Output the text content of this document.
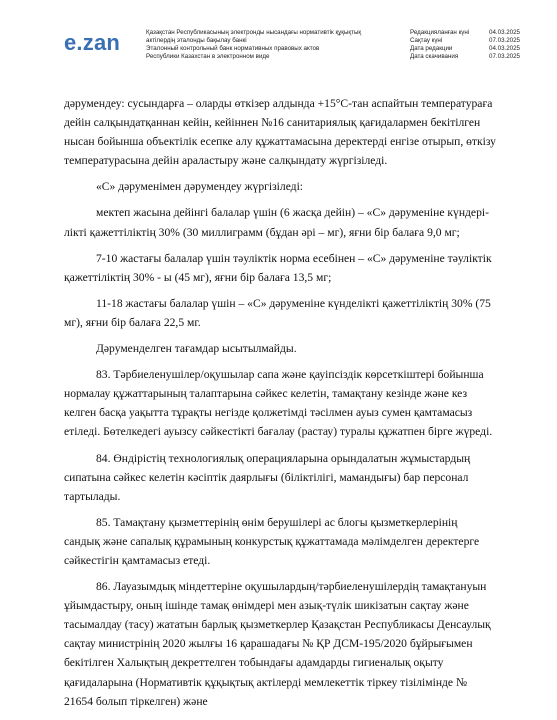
e.zan	Қазақстан Республикасының электронды нысандағы нормативтік құқықтық
актілердің эталонды бақылау банкі
Эталонный контрольный банк нормативных правовых актов
Республики Казахстан в электронном виде
Редакцияланған күні	04.03.2025
Сақтау күні	07.03.2025
Дата редакции	04.03.2025
Дата скачивания	07.03.2025

дәрумендеу: сусындарға – оларды өткізер алдында +15°С-тан аспайтын температураға дейін салқындатқаннан кейін, кейіннен №16 санитариялық қағидалармен бекітілген нысан бойынша объектілік есепке алу құжаттамасына деректерді енгізе отырып, өткізу температурасына дейін араластыру және салқындату жүргізіледі.

«С» дәруменімен дәрумендеу жүргізіледі:

мектеп жасына дейінгі балалар үшін (6 жасқа дейін) – «С» дәруменіне күндерілікті қажеттіліктің 30% (30 миллиграмм (бұдан әрі – мг), яғни бір балаға 9,0 мг;

7-10 жастағы балалар үшін тәуліктік норма есебінен – «С» дәруменіне тәуліктік қажеттіліктің 30% - ы (45 мг), яғни бір балаға 13,5 мг;

11-18 жастағы балалар үшін – «С» дәруменіне күнделікті қажеттіліктің 30% (75 мг), яғни бір балаға 22,5 мг.

Дәруменделген тағамдар ысытылмайды.

83. Тәрбиеленушілер/оқушылар сапа және қауіпсіздік көрсеткіштері бойынша нормалау құжаттарының талаптарына сәйкес келетін, тамақтану кезінде және кез келген басқа уақытта тұрақты негізде қолжетімді тәсілмен ауыз сумен қамтамасыз етіледі. Бөтелкедегі ауызсу сәйкестікті бағалау (растау) туралы құжатпен бірге жүреді.

84. Өндірістің технологиялық операцияларына орындалатын жұмыстардың сипатына сәйкес келетін кәсіптік даярлығы (біліктілігі, мамандығы) бар персонал тартылады.

85. Тамақтану қызметтерінің өнім берушілері ас блогы қызметкерлерінің сандық және сапалық құрамының конкурстық құжаттамада мәлімделген деректерге сәйкестігін қамтамасыз етеді.

86. Лауазымдық міндеттеріне оқушылардың/тәрбиеленушілердің тамақтануын ұйымдастыру, оның ішінде тамақ өнімдері мен азық-түлік шикізатын сақтау және тасымалдау (тасу) жататын барлық қызметкерлер Қазақстан Республикасы Денсаулық сақтау министрінің 2020 жылғы 16 қарашадағы № ҚР ДСМ-195/2020 бұйрығымен бекітілген Халықтың декреттелген тобындағы адамдарды гигиеналық оқыту қағидаларына (Нормативтік құқықтық актілерді мемлекеттік тіркеу тізілімінде № 21654 болып тіркелген) және
